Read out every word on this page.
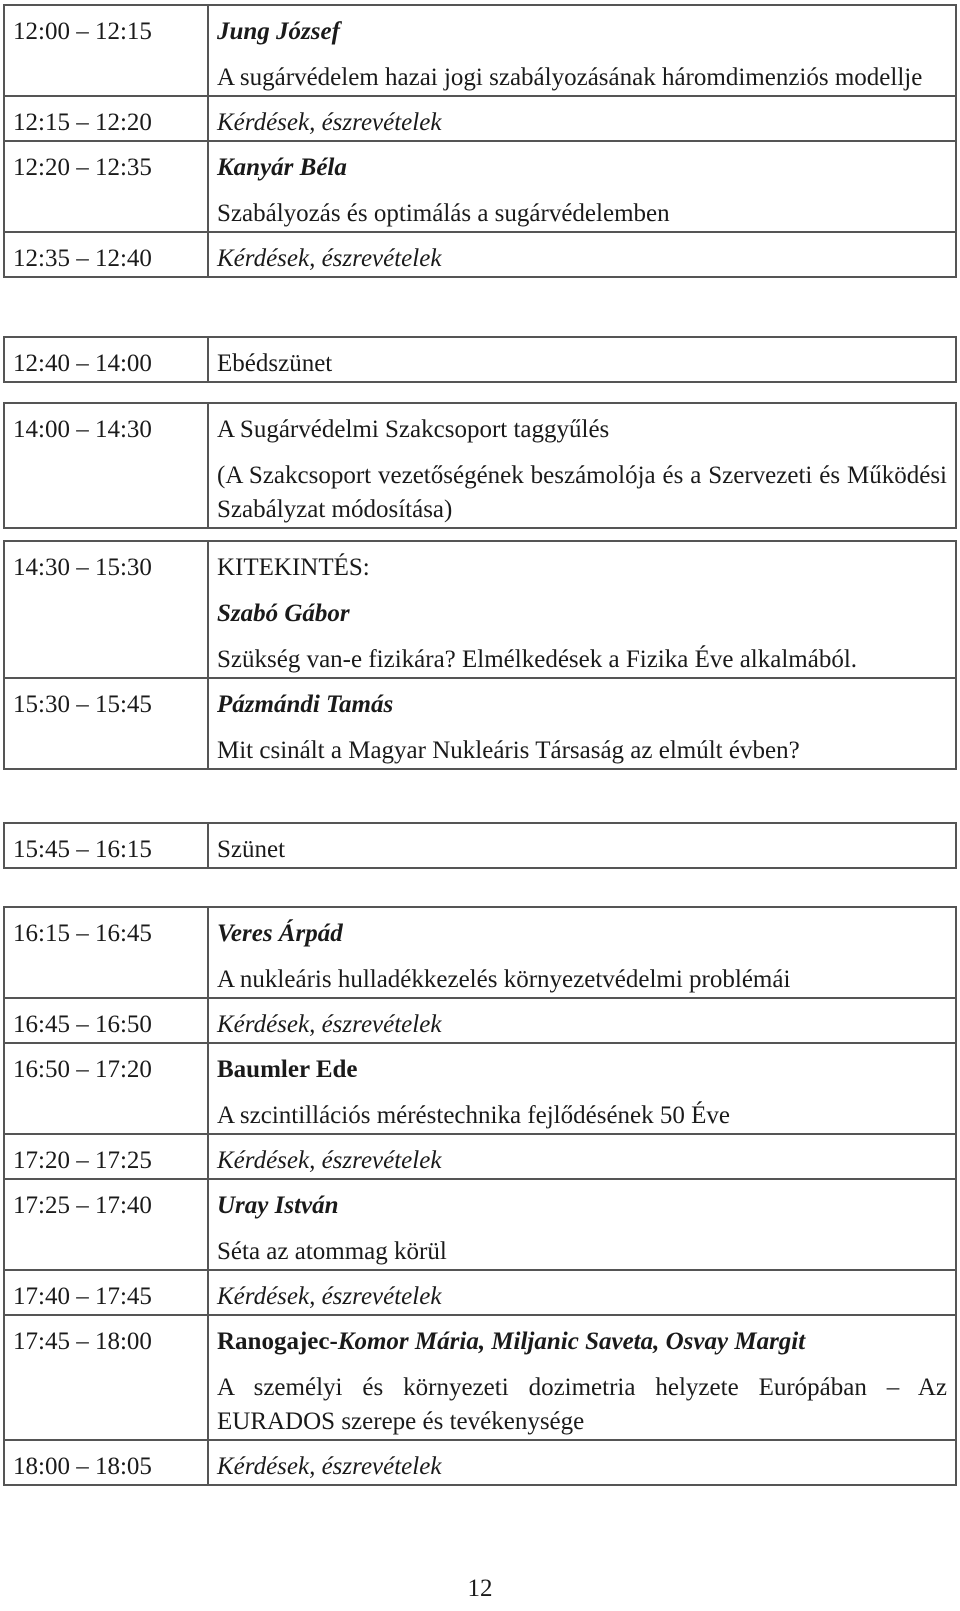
12:00 – 12:15	Jung József
A sugárvédelem hazai jogi szabályozásának háromdimenziós modellje

12:15 – 12:20	Kérdések, észrevételek

12:20 – 12:35	Kanyár Béla
Szabályozás és optimálás a sugárvédelemben

12:35 – 12:40	Kérdések, észrevételek
12:40 – 14:00	Ebédszünet
14:00 – 14:30	A Sugárvédelmi Szakcsoport taggyűlés
(A Szakcsoport vezetőségének beszámolója és a Szervezeti és Működési Szabályzat módosítása)
14:30 – 15:30	KITEKINTÉS:
Szabó Gábor
Szükség van-e fizikára? Elmélkedések a Fizika Éve alkalmából.

15:30 – 15:45	Pázmándi Tamás
Mit csinált a Magyar Nukleáris Társaság az elmúlt évben?
15:45 – 16:15	Szünet
16:15 – 16:45	Veres Árpád
A nukleáris hulladékkezelés környezetvédelmi problémái

16:45 – 16:50	Kérdések, észrevételek

16:50 – 17:20	Baumler Ede
A szcintillációs méréstechnika fejlődésének 50 Éve

17:20 – 17:25	Kérdések, észrevételek

17:25 – 17:40	Uray István
Séta az atommag körül

17:40 – 17:45	Kérdések, észrevételek

17:45 – 18:00	Ranogajec-Komor Mária, Miljanic Saveta, Osvay Margit
A személyi és környezeti dozimetria helyzete Európában – Az EURADOS szerepe és tevékenysége

18:00 – 18:05	Kérdések, észrevételek
12
